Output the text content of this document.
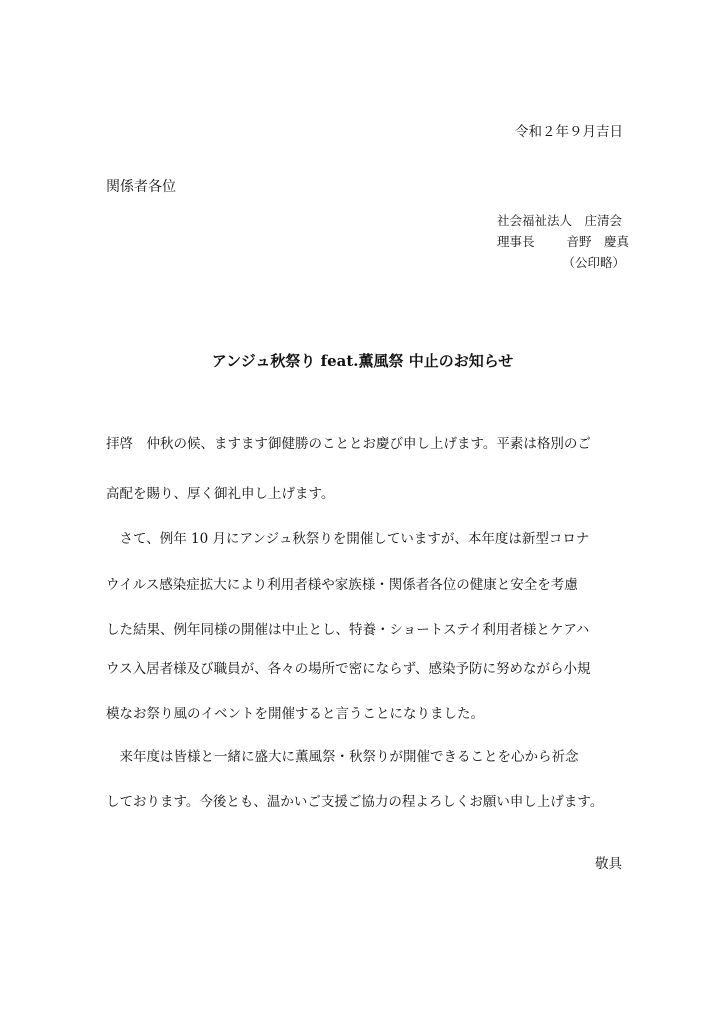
令和２年９月吉日
関係者各位
社会福祉法人　庄清会
理事長	音野　慶真
（公印略）
アンジュ秋祭り feat.薫風祭 中止のお知らせ
拝啓　仲秋の候、ますます御健勝のこととお慶び申し上げます。平素は格別のご
高配を賜り、厚く御礼申し上げます。
　さて、例年 10 月にアンジュ秋祭りを開催していますが、本年度は新型コロナ
ウイルス感染症拡大により利用者様や家族様・関係者各位の健康と安全を考慮
した結果、例年同様の開催は中止とし、特養・ショートステイ利用者様とケアハ
ウス入居者様及び職員が、各々の場所で密にならず、感染予防に努めながら小規
模なお祭り風のイベントを開催すると言うことになりました。
　来年度は皆様と一緒に盛大に薫風祭・秋祭りが開催できることを心から祈念
しております。今後とも、温かいご支援ご協力の程よろしくお願い申し上げます。
敬具
